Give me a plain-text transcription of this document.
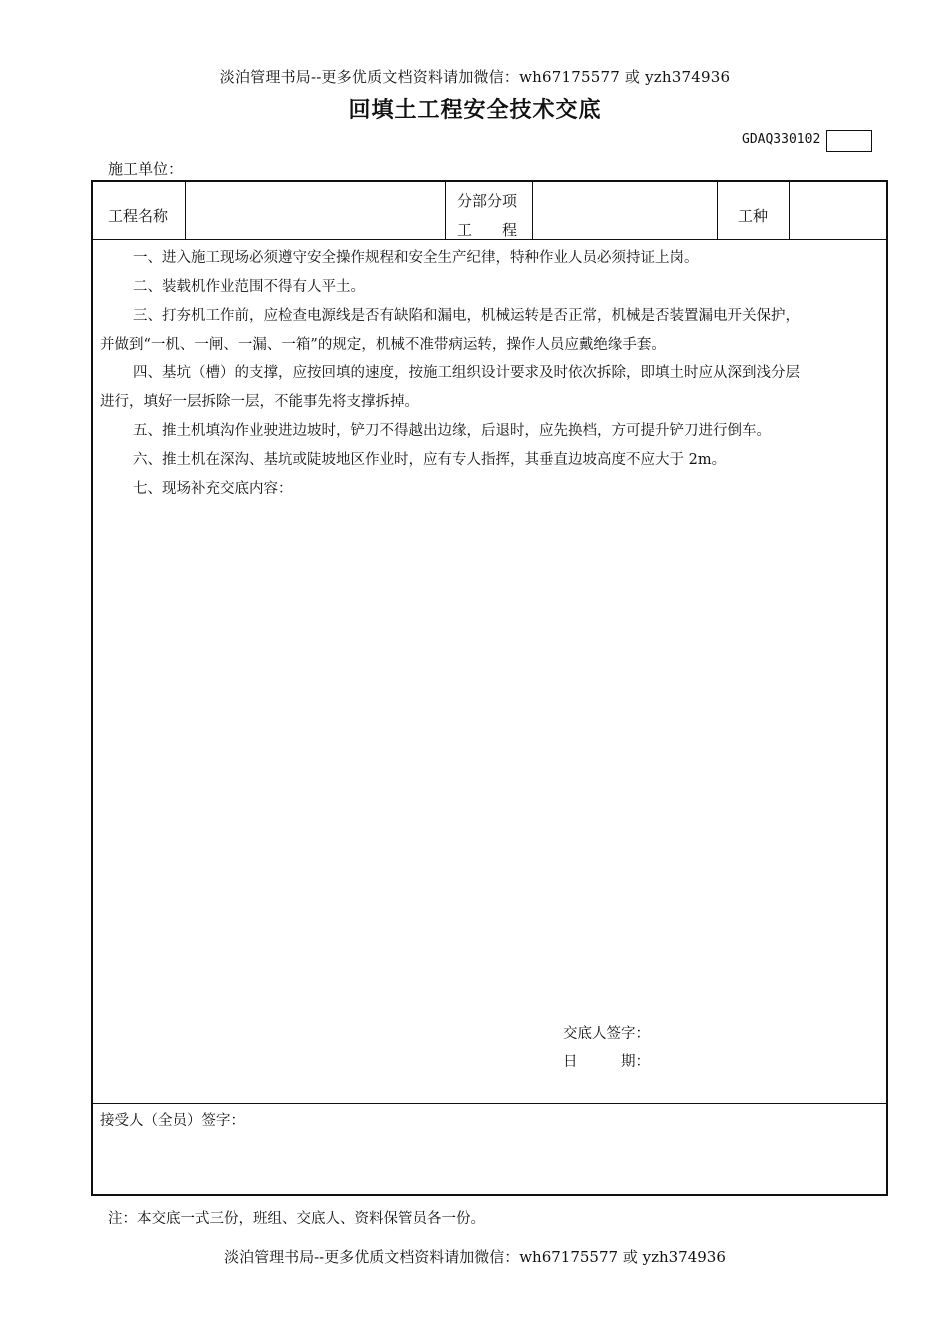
淡泊管理书局--更多优质文档资料请加微信：wh67175577 或 yzh374936
回填土工程安全技术交底
GDAQ330102
施工单位：
工程名称
分部分项
工　　程
工种
一、进入施工现场必须遵守安全操作规程和安全生产纪律，特种作业人员必须持证上岗。
二、装载机作业范围不得有人平土。
三、打夯机工作前，应检查电源线是否有缺陷和漏电，机械运转是否正常，机械是否装置漏电开关保护，
并做到“一机、一闸、一漏、一箱”的规定，机械不准带病运转，操作人员应戴绝缘手套。
四、基坑（槽）的支撑，应按回填的速度，按施工组织设计要求及时依次拆除，即填土时应从深到浅分层
进行，填好一层拆除一层，不能事先将支撑拆掉。
五、推土机填沟作业驶进边坡时，铲刀不得越出边缘，后退时，应先换档，方可提升铲刀进行倒车。
六、推土机在深沟、基坑或陡坡地区作业时，应有专人指挥，其垂直边坡高度不应大于 2m。
七、现场补充交底内容：
交底人签字：
日　　　期：
接受人（全员）签字：
注：本交底一式三份，班组、交底人、资料保管员各一份。
淡泊管理书局--更多优质文档资料请加微信：wh67175577 或 yzh374936
